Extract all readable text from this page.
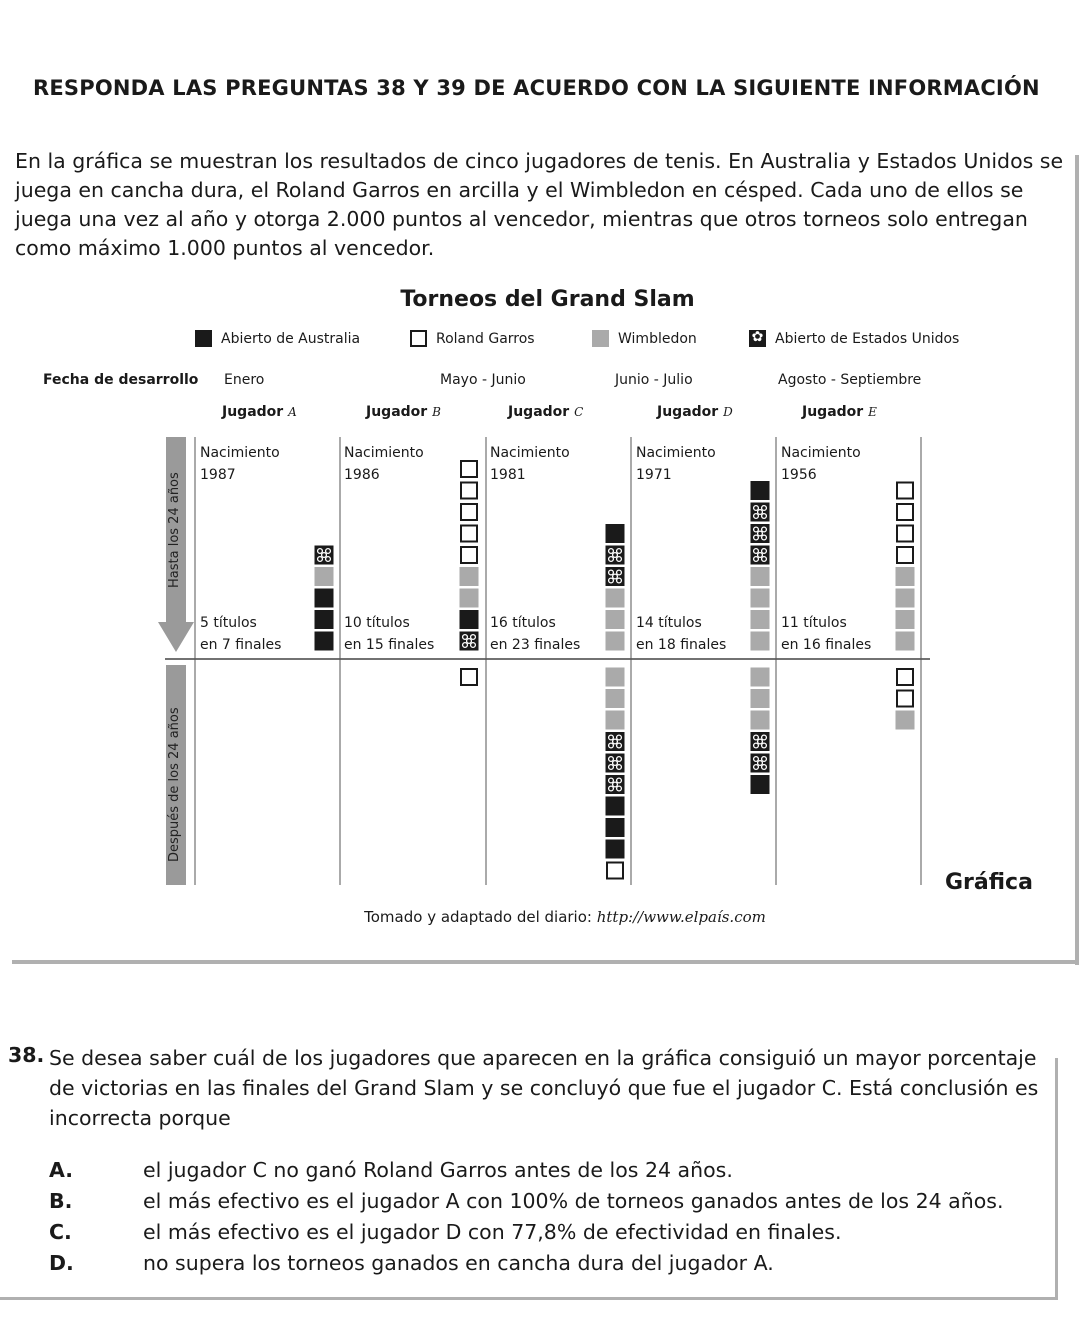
RESPONDA LAS PREGUNTAS 38 Y 39 DE ACUERDO CON LA SIGUIENTE INFORMACIÓN
En la gráfica se muestran los resultados de cinco jugadores de tenis. En Australia y Estados Unidos se juega en cancha dura, el Roland Garros en arcilla y el Wimbledon en césped. Cada uno de ellos se juega una vez al año y otorga 2.000 puntos al vencedor, mientras que otros torneos solo entregan como máximo 1.000 puntos al vencedor.
Torneos del Grand Slam
Abierto de Australia	Roland Garros	Wimbledon
✿	Abierto de Estados Unidos
Fecha de desarrollo Enero	Mayo - Junio	Junio - Julio	Agosto - Septiembre
Jugador A	Jugador B	Jugador C	Jugador D	Jugador E
Hasta los 24 años
Después de los 24 años
Nacimiento
1987
5 títulos
en 7 finales
Nacimiento
1986
10 títulos
en 15 finales
Nacimiento
1981
16 títulos
en 23 finales
Nacimiento
1971
14 títulos
en 18 finales
Nacimiento
1956
11 títulos
en 16 finales
Gráfica
Tomado y adaptado del diario: http://www.elpaís.com
38. Se desea saber cuál de los jugadores que aparecen en la gráfica consiguió un mayor porcentaje de victorias en las finales del Grand Slam y se concluyó que fue el jugador C. Está conclusión es incorrecta porque
A.	el jugador C no ganó Roland Garros antes de los 24 años.
B.	el más efectivo es el jugador A con 100% de torneos ganados antes de los 24 años.
C.	el más efectivo es el jugador D con 77,8% de efectividad en finales.
D.	no supera los torneos ganados en cancha dura del jugador A.
